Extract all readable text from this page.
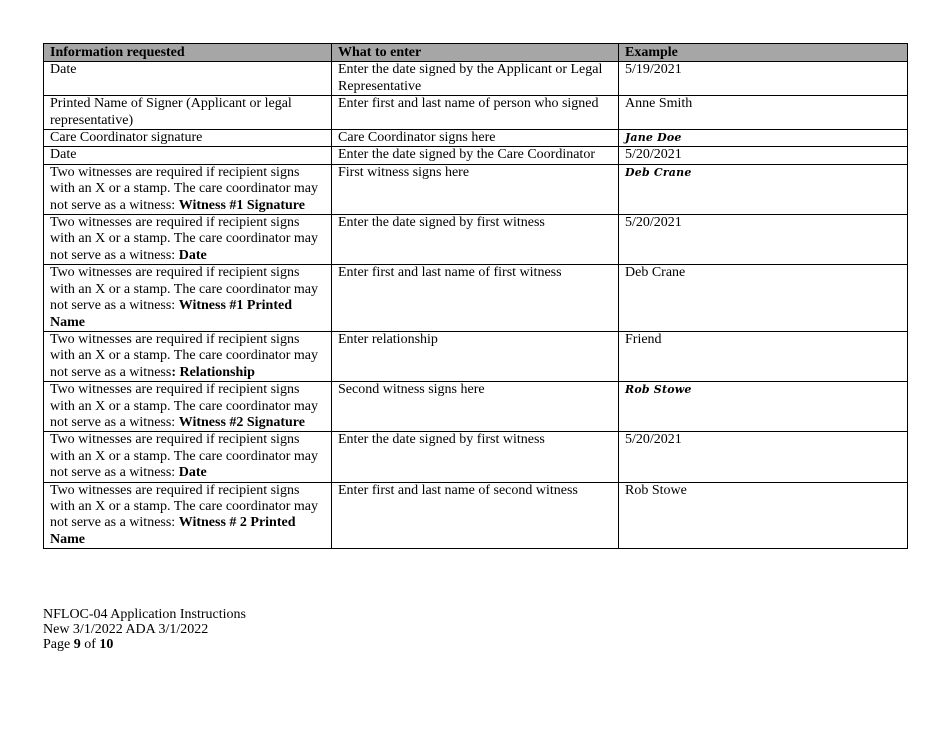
Information requested	What to enter	Example
Date	Enter the date signed by the Applicant or Legal Representative	5/19/2021
Printed Name of Signer (Applicant or legal representative)	Enter first and last name of person who signed	Anne Smith
Care Coordinator signature	Care Coordinator signs here	Jane Doe
Date	Enter the date signed by the Care Coordinator	5/20/2021
Two witnesses are required if recipient signs with an X or a stamp. The care coordinator may not serve as a witness: Witness #1 Signature	First witness signs here	Deb Crane
Two witnesses are required if recipient signs with an X or a stamp. The care coordinator may not serve as a witness: Date	Enter the date signed by first witness	5/20/2021
Two witnesses are required if recipient signs with an X or a stamp. The care coordinator may not serve as a witness: Witness #1 Printed Name	Enter first and last name of first witness	Deb Crane
Two witnesses are required if recipient signs with an X or a stamp. The care coordinator may not serve as a witness: Relationship	Enter relationship	Friend
Two witnesses are required if recipient signs with an X or a stamp. The care coordinator may not serve as a witness: Witness #2 Signature	Second witness signs here	Rob Stowe
Two witnesses are required if recipient signs with an X or a stamp. The care coordinator may not serve as a witness: Date	Enter the date signed by first witness	5/20/2021
Two witnesses are required if recipient signs with an X or a stamp. The care coordinator may not serve as a witness: Witness # 2 Printed Name	Enter first and last name of second witness	Rob Stowe
NFLOC-04 Application Instructions
New 3/1/2022 ADA 3/1/2022
Page 9 of 10
